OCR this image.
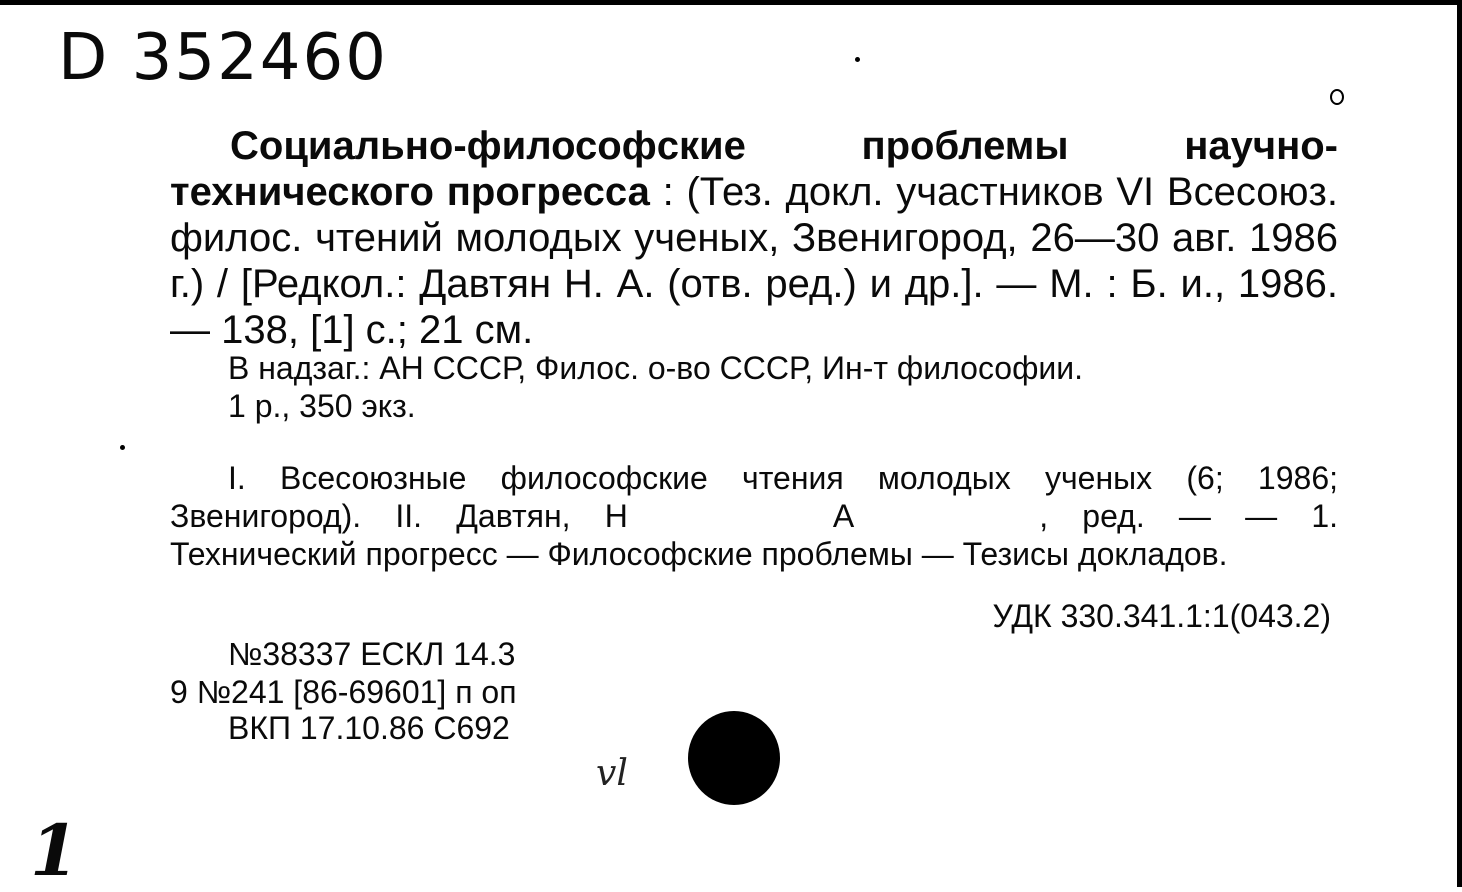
D 352460

Социально-философские проблемы научно-технического прогресса : (Тез. докл. участников VI Всесоюз. филос. чтений молодых ученых, Звенигород, 26—30 авг. 1986 г.) / [Редкол.: Давтян Н. А. (отв. ред.) и др.]. — М. : Б. и., 1986. — 138, [1] с.; 21 см.

В надзаг.: АН СССР, Филос. о-во СССР, Ин-т философии.
1 р., 350 экз.

I. Всесоюзные философские чтения молодых ученых (6; 1986; Звенигород). II. Давтян, Н	А	, ред. — — 1. Технический прогресс — Философские проблемы — Тезисы докладов.

УДК 330.341.1:1(043.2)
№38337 ЕСКЛ 14.3
9 №241 [86-69601] п оп
ВКП 17.10.86 С692
vl
1
